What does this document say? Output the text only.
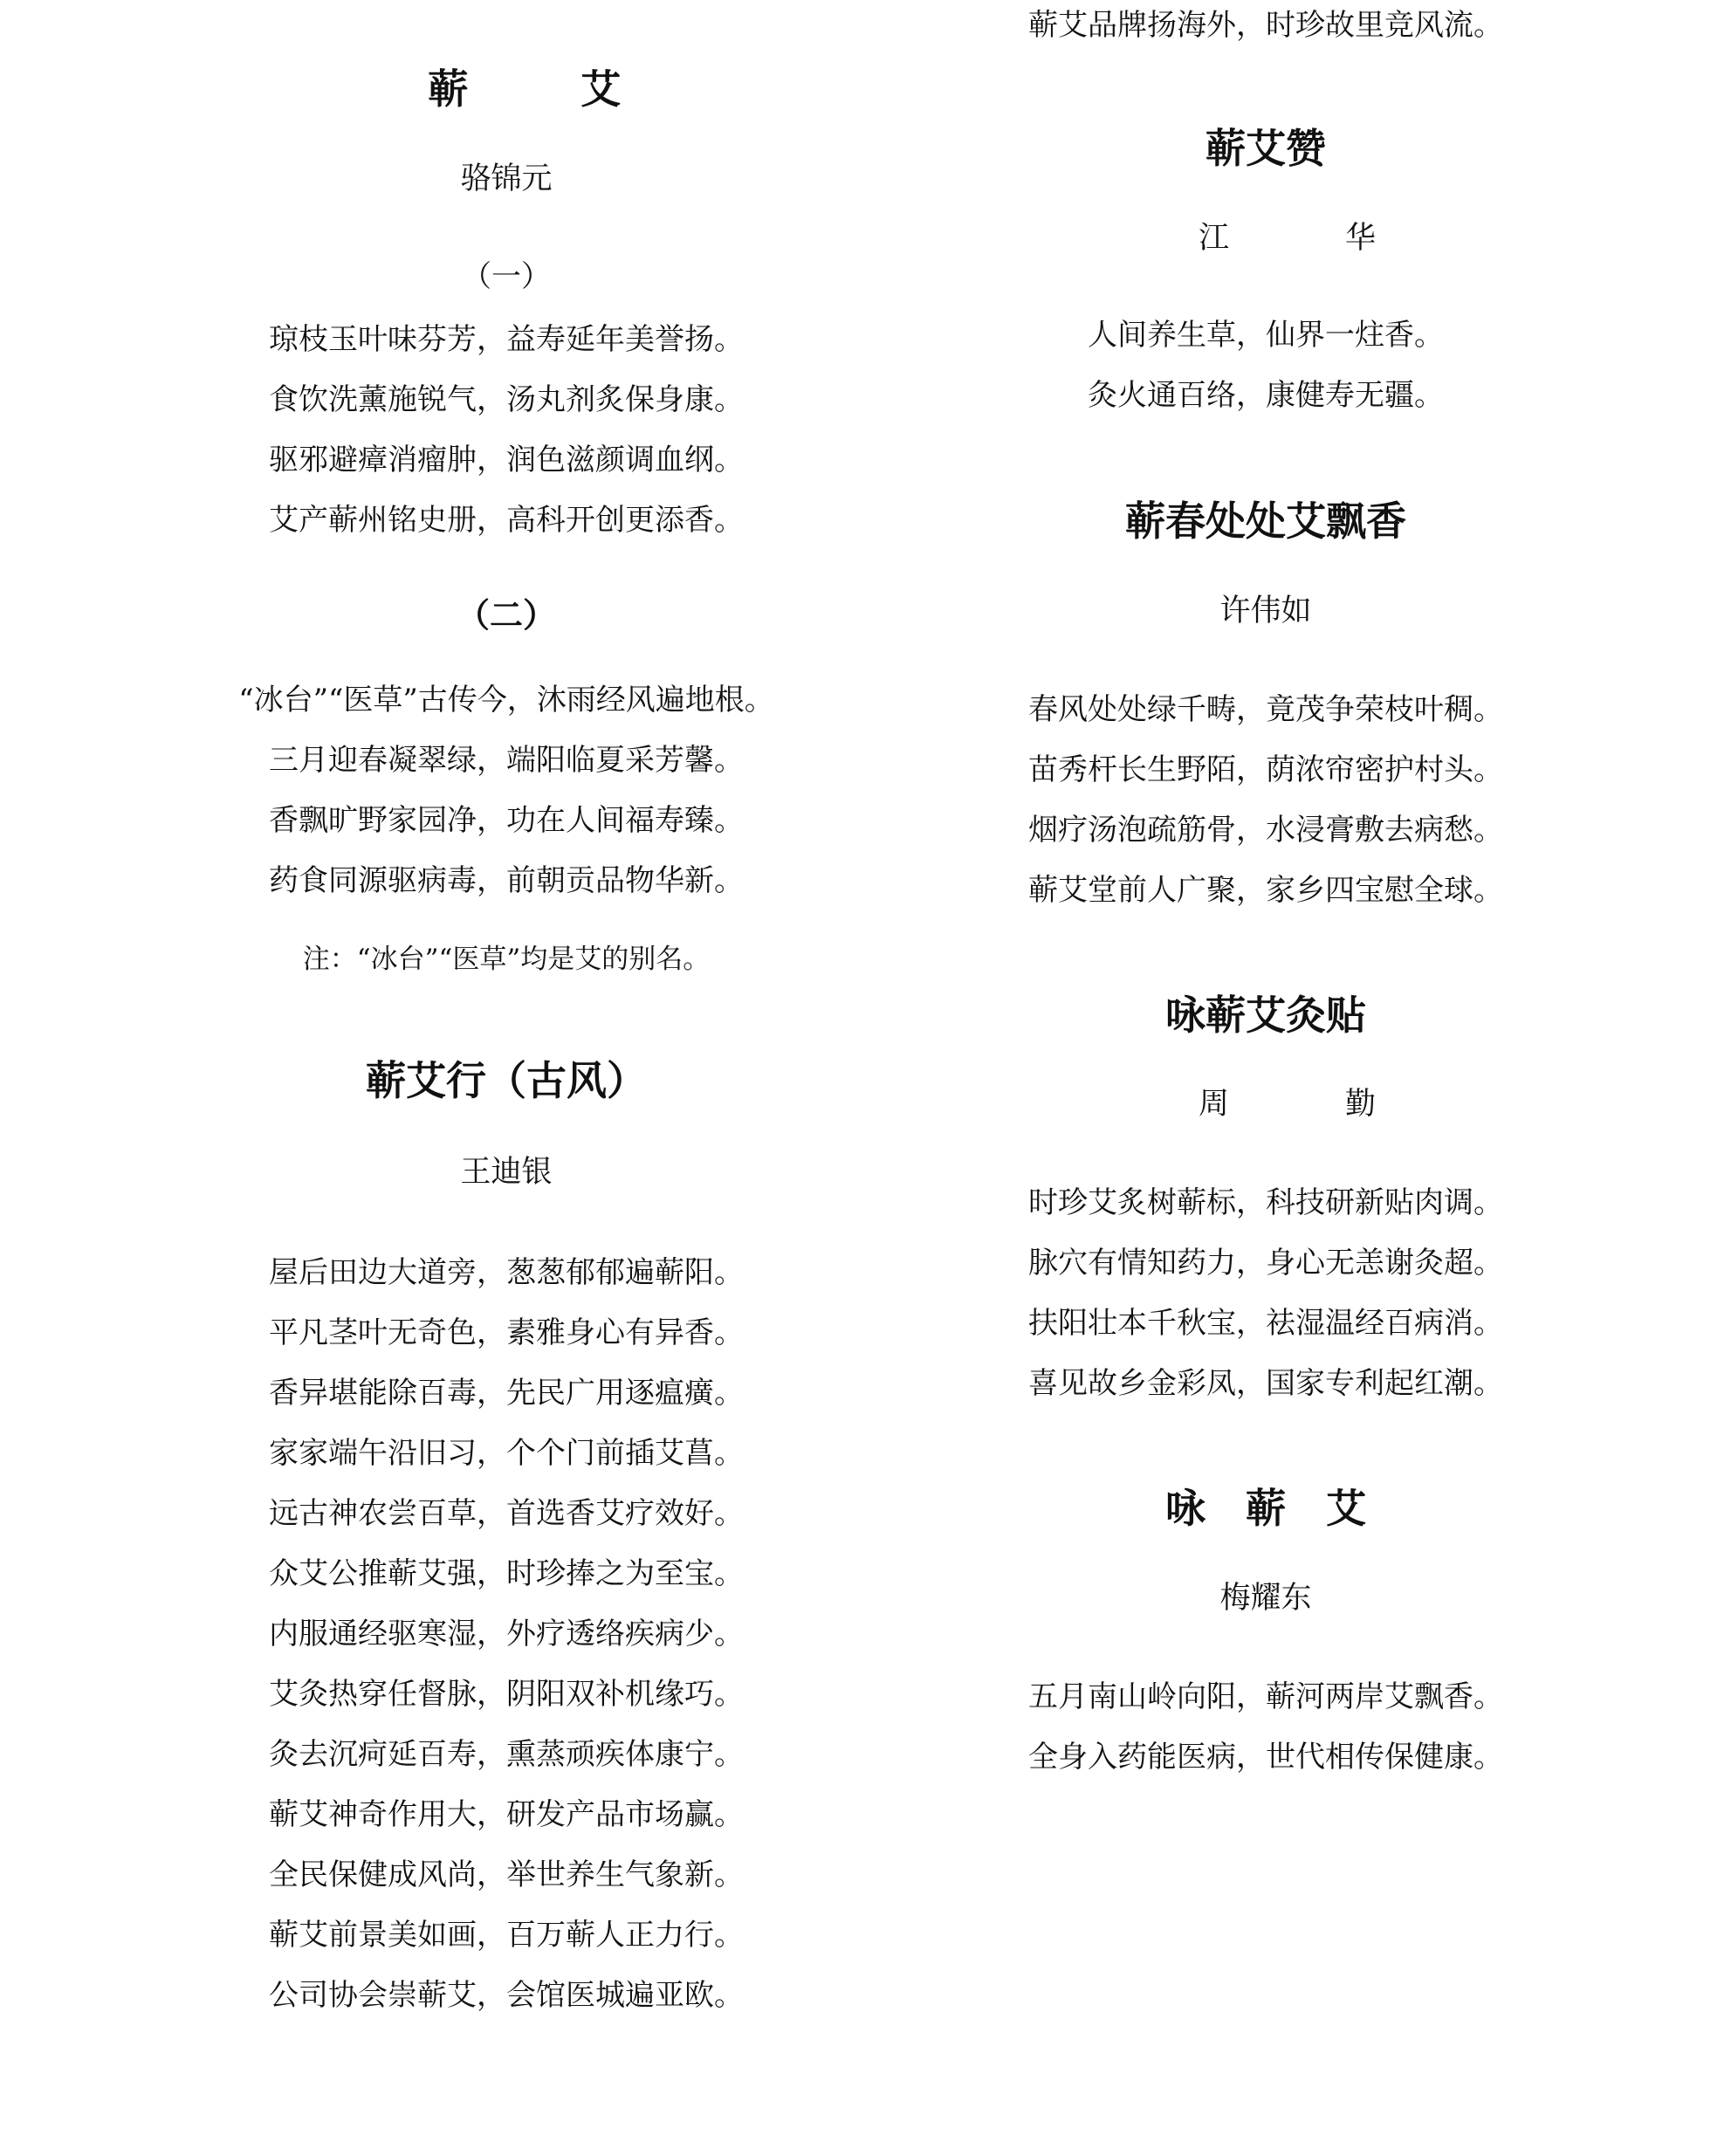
蕲　艾

骆锦元

（一）

琼枝玉叶味芬芳，益寿延年美誉扬。
食饮洗薰施锐气，汤丸剂炙保身康。
驱邪避瘴消瘤肿，润色滋颜调血纲。
艾产蕲州铭史册，高科开创更添香。

（二）

“冰台”“医草”古传今，沐雨经风遍地根。
三月迎春凝翠绿，端阳临夏采芳馨。
香飘旷野家园净，功在人间福寿臻。
药食同源驱病毒，前朝贡品物华新。

注：“冰台”“医草”均是艾的别名。

蕲艾行（古风）

王迪银

屋后田边大道旁，葱葱郁郁遍蕲阳。
平凡茎叶无奇色，素雅身心有异香。
香异堪能除百毒，先民广用逐瘟癀。
家家端午沿旧习，个个门前插艾菖。
远古神农尝百草，首选香艾疗效好。
众艾公推蕲艾强，时珍捧之为至宝。
内服通经驱寒湿，外疗透络疾病少。
艾灸热穿任督脉，阴阳双补机缘巧。
灸去沉疴延百寿，熏蒸顽疾体康宁。
蕲艾神奇作用大，研发产品市场赢。
全民保健成风尚，举世养生气象新。
蕲艾前景美如画，百万蕲人正力行。
公司协会崇蕲艾，会馆医城遍亚欧。
蕲艾品牌扬海外，时珍故里竞风流。
蕲艾赞

江　华

人间养生草，仙界一炷香。
灸火通百络，康健寿无疆。
蕲春处处艾飘香

许伟如

春风处处绿千畴，竟茂争荣枝叶稠。
苗秀杆长生野陌，荫浓帘密护村头。
烟疗汤泡疏筋骨，水浸膏敷去病愁。
蕲艾堂前人广聚，家乡四宝慰全球。
咏蕲艾灸贴

周　勤

时珍艾炙树蕲标，科技研新贴肉调。
脉穴有情知药力，身心无恙谢灸超。
扶阳壮本千秋宝，祛湿温经百病消。
喜见故乡金彩凤，国家专利起红潮。
咏　蕲　艾

梅耀东

五月南山岭向阳，蕲河两岸艾飘香。
全身入药能医病，世代相传保健康。
